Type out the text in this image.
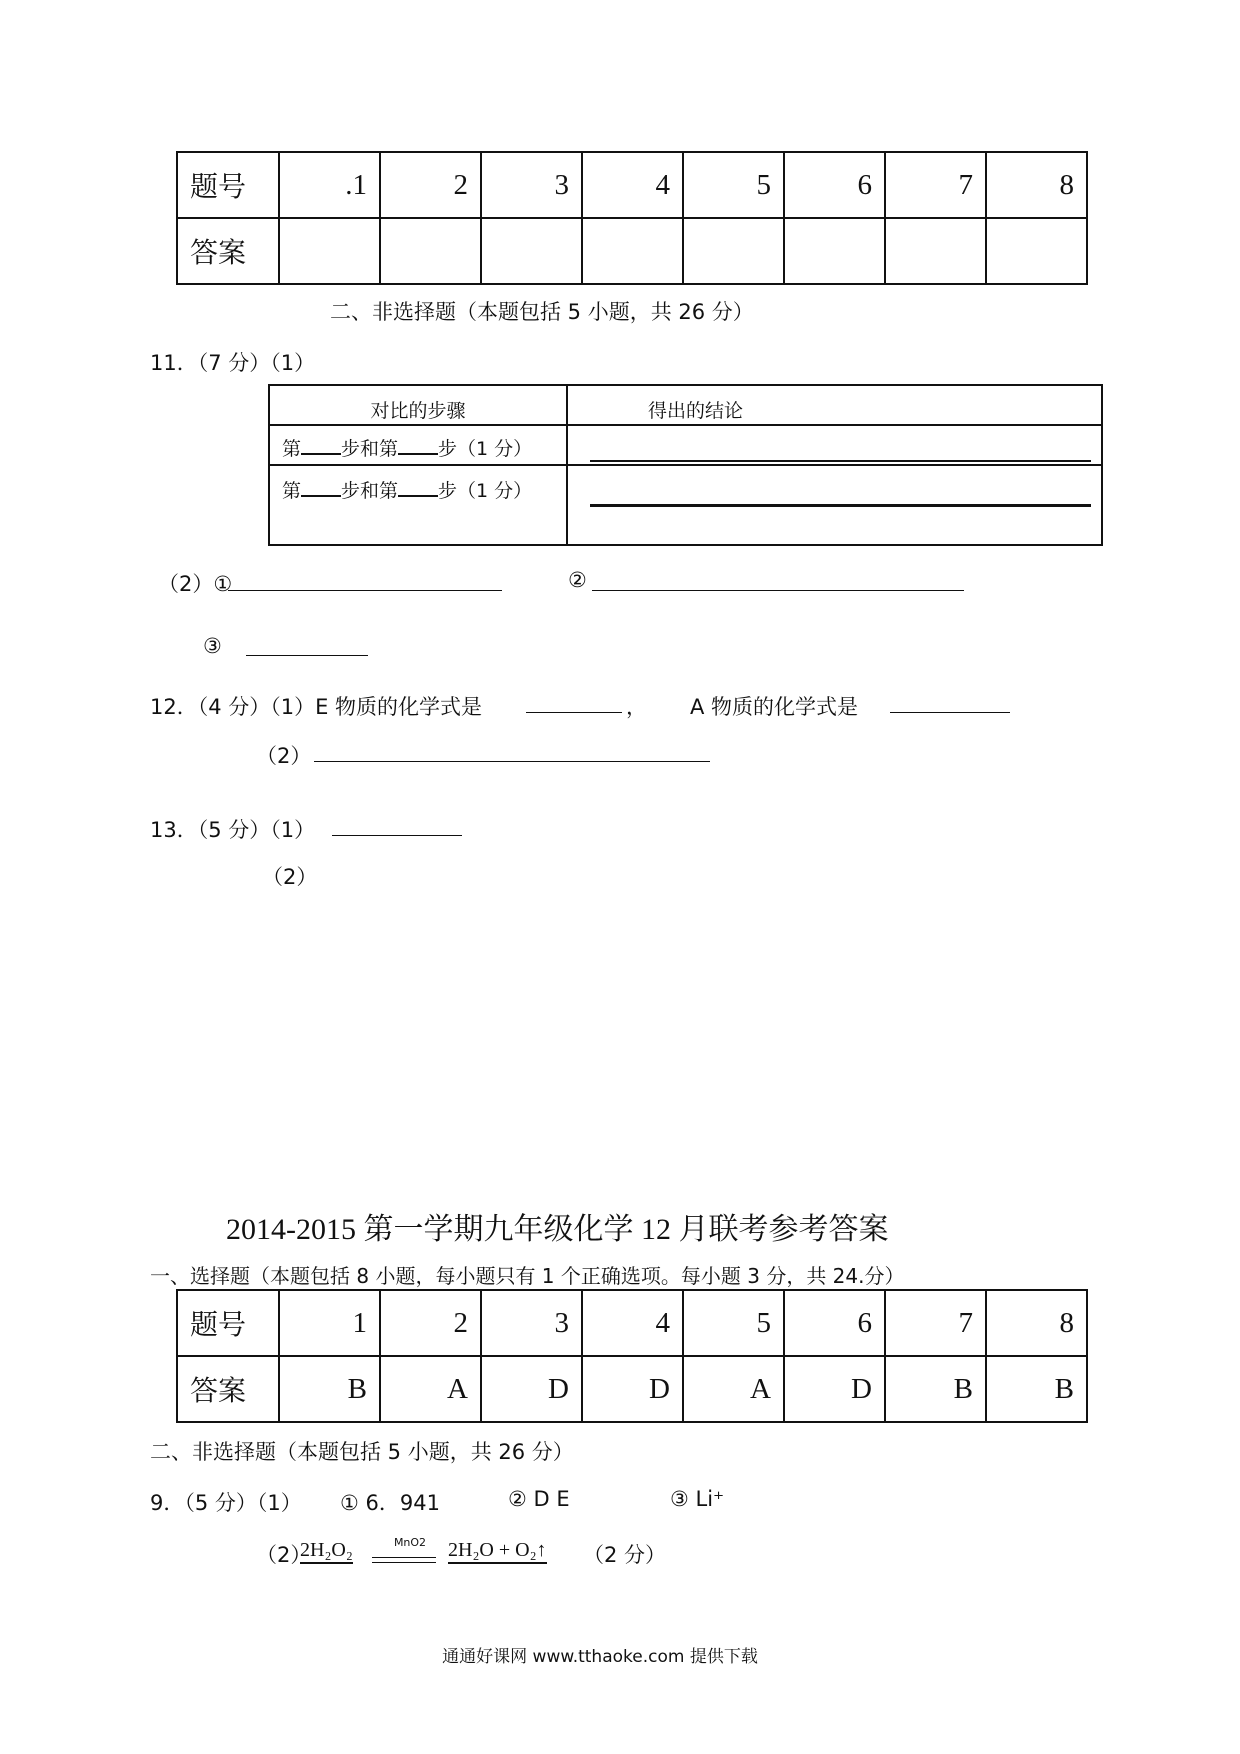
题号	.1	2	3	4	5	6	7	8
答案								
二、非选择题（本题包括 5 小题，共 26 分）
11．（7 分）（1）
对比的步骤	得出的结论
第 步和第 步（1 分）	

第 步和第 步（1 分）	
（2）①	②
③
12．（4 分）（1）E 物质的化学式是	， A 物质的化学式是
（2）
13．（5 分）（1）
（2）
2014-2015 第一学期九年级化学 12 月联考参考答案
一、选择题（本题包括 8 小题，每小题只有 1 个正确选项。每小题 3 分，共 24.分）
题号	1	2	3	4	5	6	7	8
答案	B	A	D	D	A	D	B	B
二、非选择题（本题包括 5 小题，共 26 分）
9．（5 分）（1） ① 6．941	② D E	③ Li⁺
（2）
2H₂O₂	MnO2	2H₂O + O₂↑ （2 分）
通通好课网 www.tthaoke.com 提供下载
